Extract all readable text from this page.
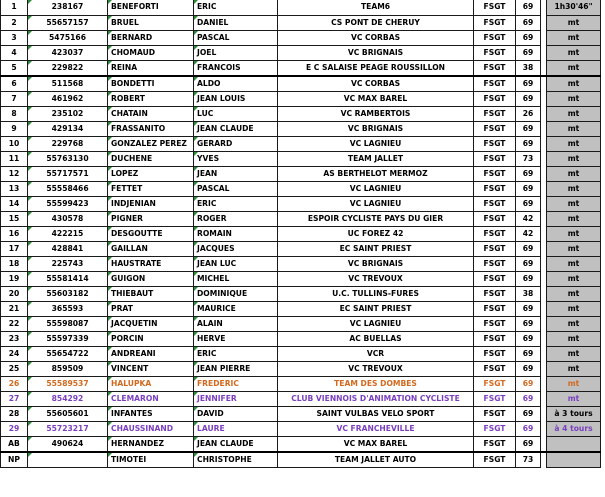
1	238167	BENEFORTI	ERIC	TEAM6	FSGT	69		1h30'46"
2	55657157	BRUEL	DANIEL	CS PONT DE CHERUY	FSGT	69		mt
3	5475166	BERNARD	PASCAL	VC CORBAS	FSGT	69		mt
4	423037	CHOMAUD	JOEL	VC BRIGNAIS	FSGT	69		mt
5	229822	REINA	FRANCOIS	E C SALAISE PEAGE ROUSSILLON	FSGT	38		mt
6	511568	BONDETTI	ALDO	VC CORBAS	FSGT	69		mt
7	461962	ROBERT	JEAN LOUIS	VC MAX BAREL	FSGT	69		mt
8	235102	CHATAIN	LUC	VC RAMBERTOIS	FSGT	26		mt
9	429134	FRASSANITO	JEAN CLAUDE	VC BRIGNAIS	FSGT	69		mt
10	229768	GONZALEZ PEREZ	GERARD	VC LAGNIEU	FSGT	69		mt
11	55763130	DUCHENE	YVES	TEAM JALLET	FSGT	73		mt
12	55717571	LOPEZ	JEAN	AS BERTHELOT MERMOZ	FSGT	69		mt
13	55558466	FETTET	PASCAL	VC LAGNIEU	FSGT	69		mt
14	55599423	INDJENIAN	ERIC	VC LAGNIEU	FSGT	69		mt
15	430578	PIGNER	ROGER	ESPOIR CYCLISTE PAYS DU GIER	FSGT	42		mt
16	422215	DESGOUTTE	ROMAIN	UC FOREZ 42	FSGT	42		mt
17	428841	GAILLAN	JACQUES	EC SAINT PRIEST	FSGT	69		mt
18	225743	HAUSTRATE	JEAN LUC	VC BRIGNAIS	FSGT	69		mt
19	55581414	GUIGON	MICHEL	VC TREVOUX	FSGT	69		mt
20	55603182	THIEBAUT	DOMINIQUE	U.C. TULLINS-FURES	FSGT	38		mt
21	365593	PRAT	MAURICE	EC SAINT PRIEST	FSGT	69		mt
22	55598087	JACQUETIN	ALAIN	VC LAGNIEU	FSGT	69		mt
23	55597339	PORCIN	HERVE	AC BUELLAS	FSGT	69		mt
24	55654722	ANDREANI	ERIC	VCR	FSGT	69		mt
25	859509	VINCENT	JEAN PIERRE	VC TREVOUX	FSGT	69		mt
26	55589537	HALUPKA	FREDERIC	TEAM DES DOMBES	FSGT	69		mt
27	854292	CLEMARON	JENNIFER	CLUB VIENNOIS D'ANIMATION CYCLISTE	FSGT	69		mt
28	55605601	INFANTES	DAVID	SAINT VULBAS VELO SPORT	FSGT	69		à 3 tours
29	55723217	CHAUSSINAND	LAURE	VC FRANCHEVILLE	FSGT	69		à 4 tours
AB	490624	HERNANDEZ	JEAN CLAUDE	VC MAX BAREL	FSGT	69		
NP		TIMOTEI	CHRISTOPHE	TEAM JALLET AUTO	FSGT	73		
